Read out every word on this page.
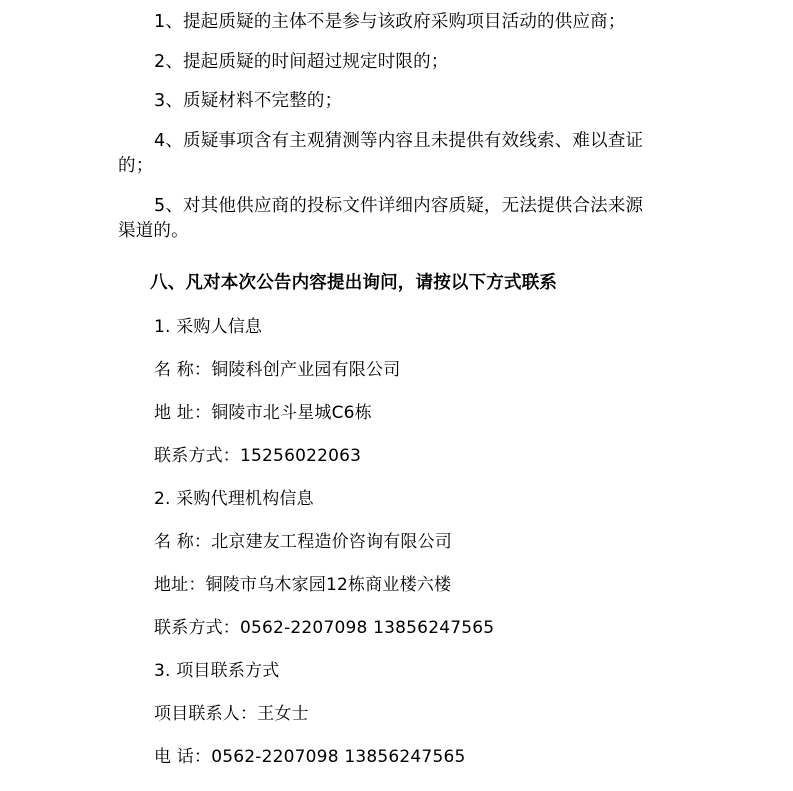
1、提起质疑的主体不是参与该政府采购项目活动的供应商；

2、提起质疑的时间超过规定时限的；

3、质疑材料不完整的；

4、质疑事项含有主观猜测等内容且未提供有效线索、难以查证

的；

5、对其他供应商的投标文件详细内容质疑，无法提供合法来源

渠道的。

八、凡对本次公告内容提出询问，请按以下方式联系

1. 采购人信息

名 称：铜陵科创产业园有限公司

地 址：铜陵市北斗星城C6栋

联系方式：15256022063

2. 采购代理机构信息

名 称：北京建友工程造价咨询有限公司

地址：铜陵市乌木家园12栋商业楼六楼

联系方式：0562-2207098 13856247565

3. 项目联系方式

项目联系人：王女士

电 话：0562-2207098 13856247565
